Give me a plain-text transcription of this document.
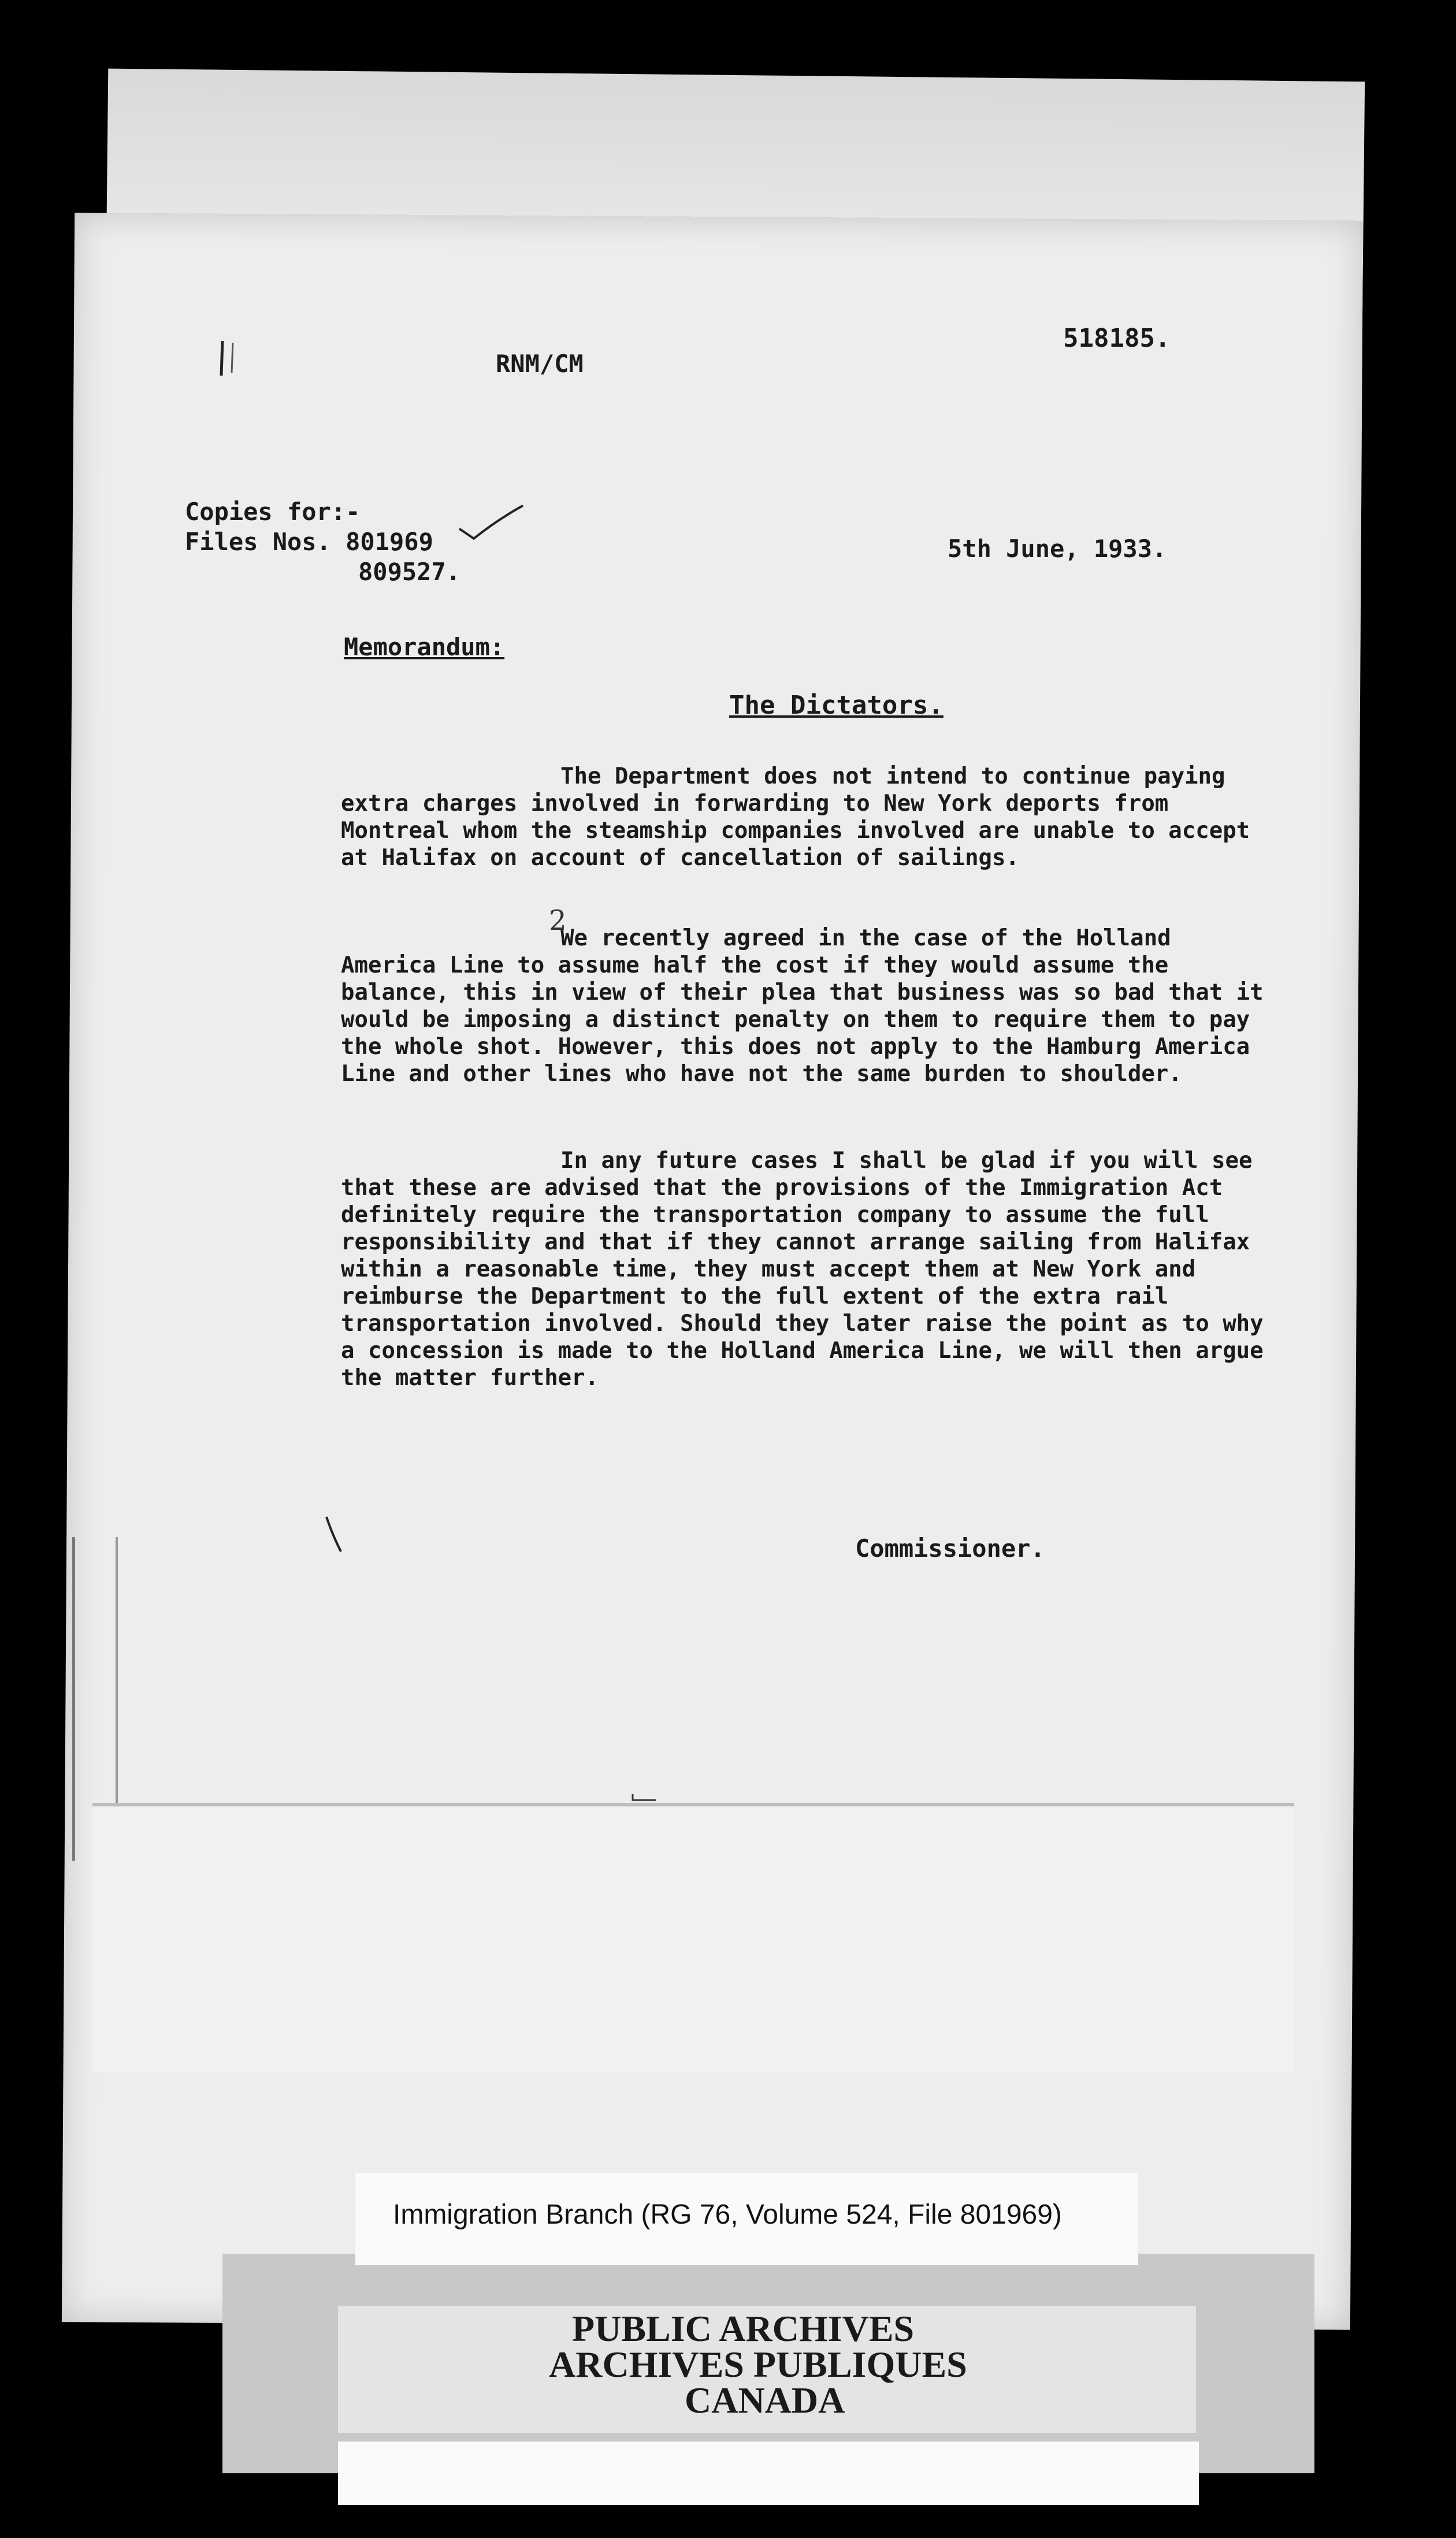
518185.
RNM/CM
Copies for:-
Files Nos. 801969
809527.
5th June, 1933.
Memorandum:
The Dictators.
The Department does not intend to continue paying extra charges involved in forwarding to New York deports from Montreal whom the steamship companies involved are unable to accept at Halifax on account of cancellation of sailings.
We recently agreed in the case of the Holland America Line to assume half the cost if they would assume the balance, this in view of their plea that business was so bad that it would be imposing a distinct penalty on them to require them to pay the whole shot. However, this does not apply to the Hamburg America Line and other lines who have not the same burden to shoulder.
In any future cases I shall be glad if you will see that these are advised that the provisions of the Immigration Act definitely require the transportation company to assume the full responsibility and that if they cannot arrange sailing from Halifax within a reasonable time, they must accept them at New York and reimburse the Department to the full extent of the extra rail transportation involved. Should they later raise the point as to why a concession is made to the Holland America Line, we will then argue the matter further.
Commissioner.
2
Immigration Branch (RG 76, Volume 524, File 801969)
PUBLIC ARCHIVES
ARCHIVES PUBLIQUES
CANADA
